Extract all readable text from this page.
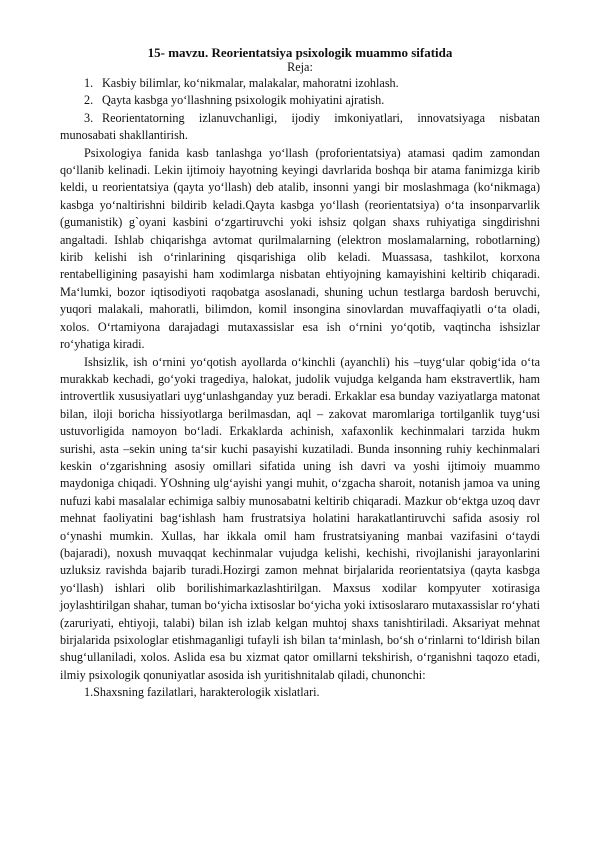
15- mavzu. Reorientatsiya psixologik muammo sifatida
Reja:
1. Kasbiy bilimlar, ko‘nikmalar, malakalar, mahoratni izohlash.
2. Qayta kasbga yo‘llashning psixologik mohiyatini ajratish.
3. Reorientatorning izlanuvchanligi, ijodiy imkoniyatlari, innovatsiyaga nisbatan munosabati shakllantirish.

Psixologiya fanida kasb tanlashga yo‘llash (proforientatsiya) atamasi qadim zamondan qo‘llanib kelinadi. Lekin ijtimoiy hayotning keyingi davrlarida boshqa bir atama fanimizga kirib keldi, u reorientatsiya (qayta yo‘llash) deb atalib, insonni yangi bir moslashmaga (ko‘nikmaga) kasbga yo‘naltirishni bildirib keladi.Qayta kasbga yo‘llash (reorientatsiya) o‘ta insonparvarlik (gumanistik) g`oyani kasbini o‘zgartiruvchi yoki ishsiz qolgan shaxs ruhiyatiga singdirishni angaltadi. Ishlab chiqarishga avtomat qurilmalarning (elektron moslamalarning, robotlarning) kirib kelishi ish o‘rinlarining qisqarishiga olib keladi. Muassasa, tashkilot, korxona rentabelligining pasayishi ham xodimlarga nisbatan ehtiyojning kamayishini keltirib chiqaradi. Ma‘lumki, bozor iqtisodiyoti raqobatga asoslanadi, shuning uchun testlarga bardosh beruvchi, yuqori malakali, mahoratli, bilimdon, komil insongina sinovlardan muvaffaqiyatli o‘ta oladi, xolos. O‘rtamiyona darajadagi mutaxassislar esa ish o‘rnini yo‘qotib, vaqtincha ishsizlar ro‘yhatiga kiradi.

Ishsizlik, ish o‘rnini yo‘qotish ayollarda o‘kinchli (ayanchli) his –tuyg‘ular qobig‘ida o‘ta murakkab kechadi, go‘yoki tragediya, halokat, judolik vujudga kelganda ham ekstravertlik, ham introvertlik xususiyatlari uyg‘unlashganday yuz beradi. Erkaklar esa bunday vaziyatlarga matonat bilan, iloji boricha hissiyotlarga berilmasdan, aql – zakovat maromlariga tortilganlik tuyg‘usi ustuvorligida namoyon bo‘ladi. Erkaklarda achinish, xafaxonlik kechinmalari tarzida hukm surishi, asta –sekin uning ta‘sir kuchi pasayishi kuzatiladi. Bunda insonning ruhiy kechinmalari keskin o‘zgarishning asosiy omillari sifatida uning ish davri va yoshi ijtimoiy muammo maydoniga chiqadi. YOshning ulg‘ayishi yangi muhit, o‘zgacha sharoit, notanish jamoa va uning nufuzi kabi masalalar echimiga salbiy munosabatni keltirib chiqaradi. Mazkur ob‘ektga uzoq davr mehnat faoliyatini bag‘ishlash ham frustratsiya holatini harakatlantiruvchi safida asosiy rol o‘ynashi mumkin. Xullas, har ikkala omil ham frustratsiyaning manbai vazifasini o‘taydi (bajaradi), noxush muvaqqat kechinmalar vujudga kelishi, kechishi, rivojlanishi jarayonlarini uzluksiz ravishda bajarib turadi.Hozirgi zamon mehnat birjalarida reorientatsiya (qayta kasbga yo‘llash) ishlari olib borilishimarkazlashtirilgan. Maxsus xodilar kompyuter xotirasiga joylashtirilgan shahar, tuman bo‘yicha ixtisoslar bo‘yicha yoki ixtisoslararo mutaxassislar ro‘yhati (zaruriyati, ehtiyoji, talabi) bilan ish izlab kelgan muhtoj shaxs tanishtiriladi. Aksariyat mehnat birjalarida psixologlar etishmaganligi tufayli ish bilan ta‘minlash, bo‘sh o‘rinlarni to‘ldirish bilan shug‘ullaniladi, xolos. Aslida esa bu xizmat qator omillarni tekshirish, o‘rganishni taqozo etadi, ilmiy psixologik qonuniyatlar asosida ish yuritishnitalab qiladi, chunonchi:

1.Shaxsning fazilatlari, harakterologik xislatlari.
